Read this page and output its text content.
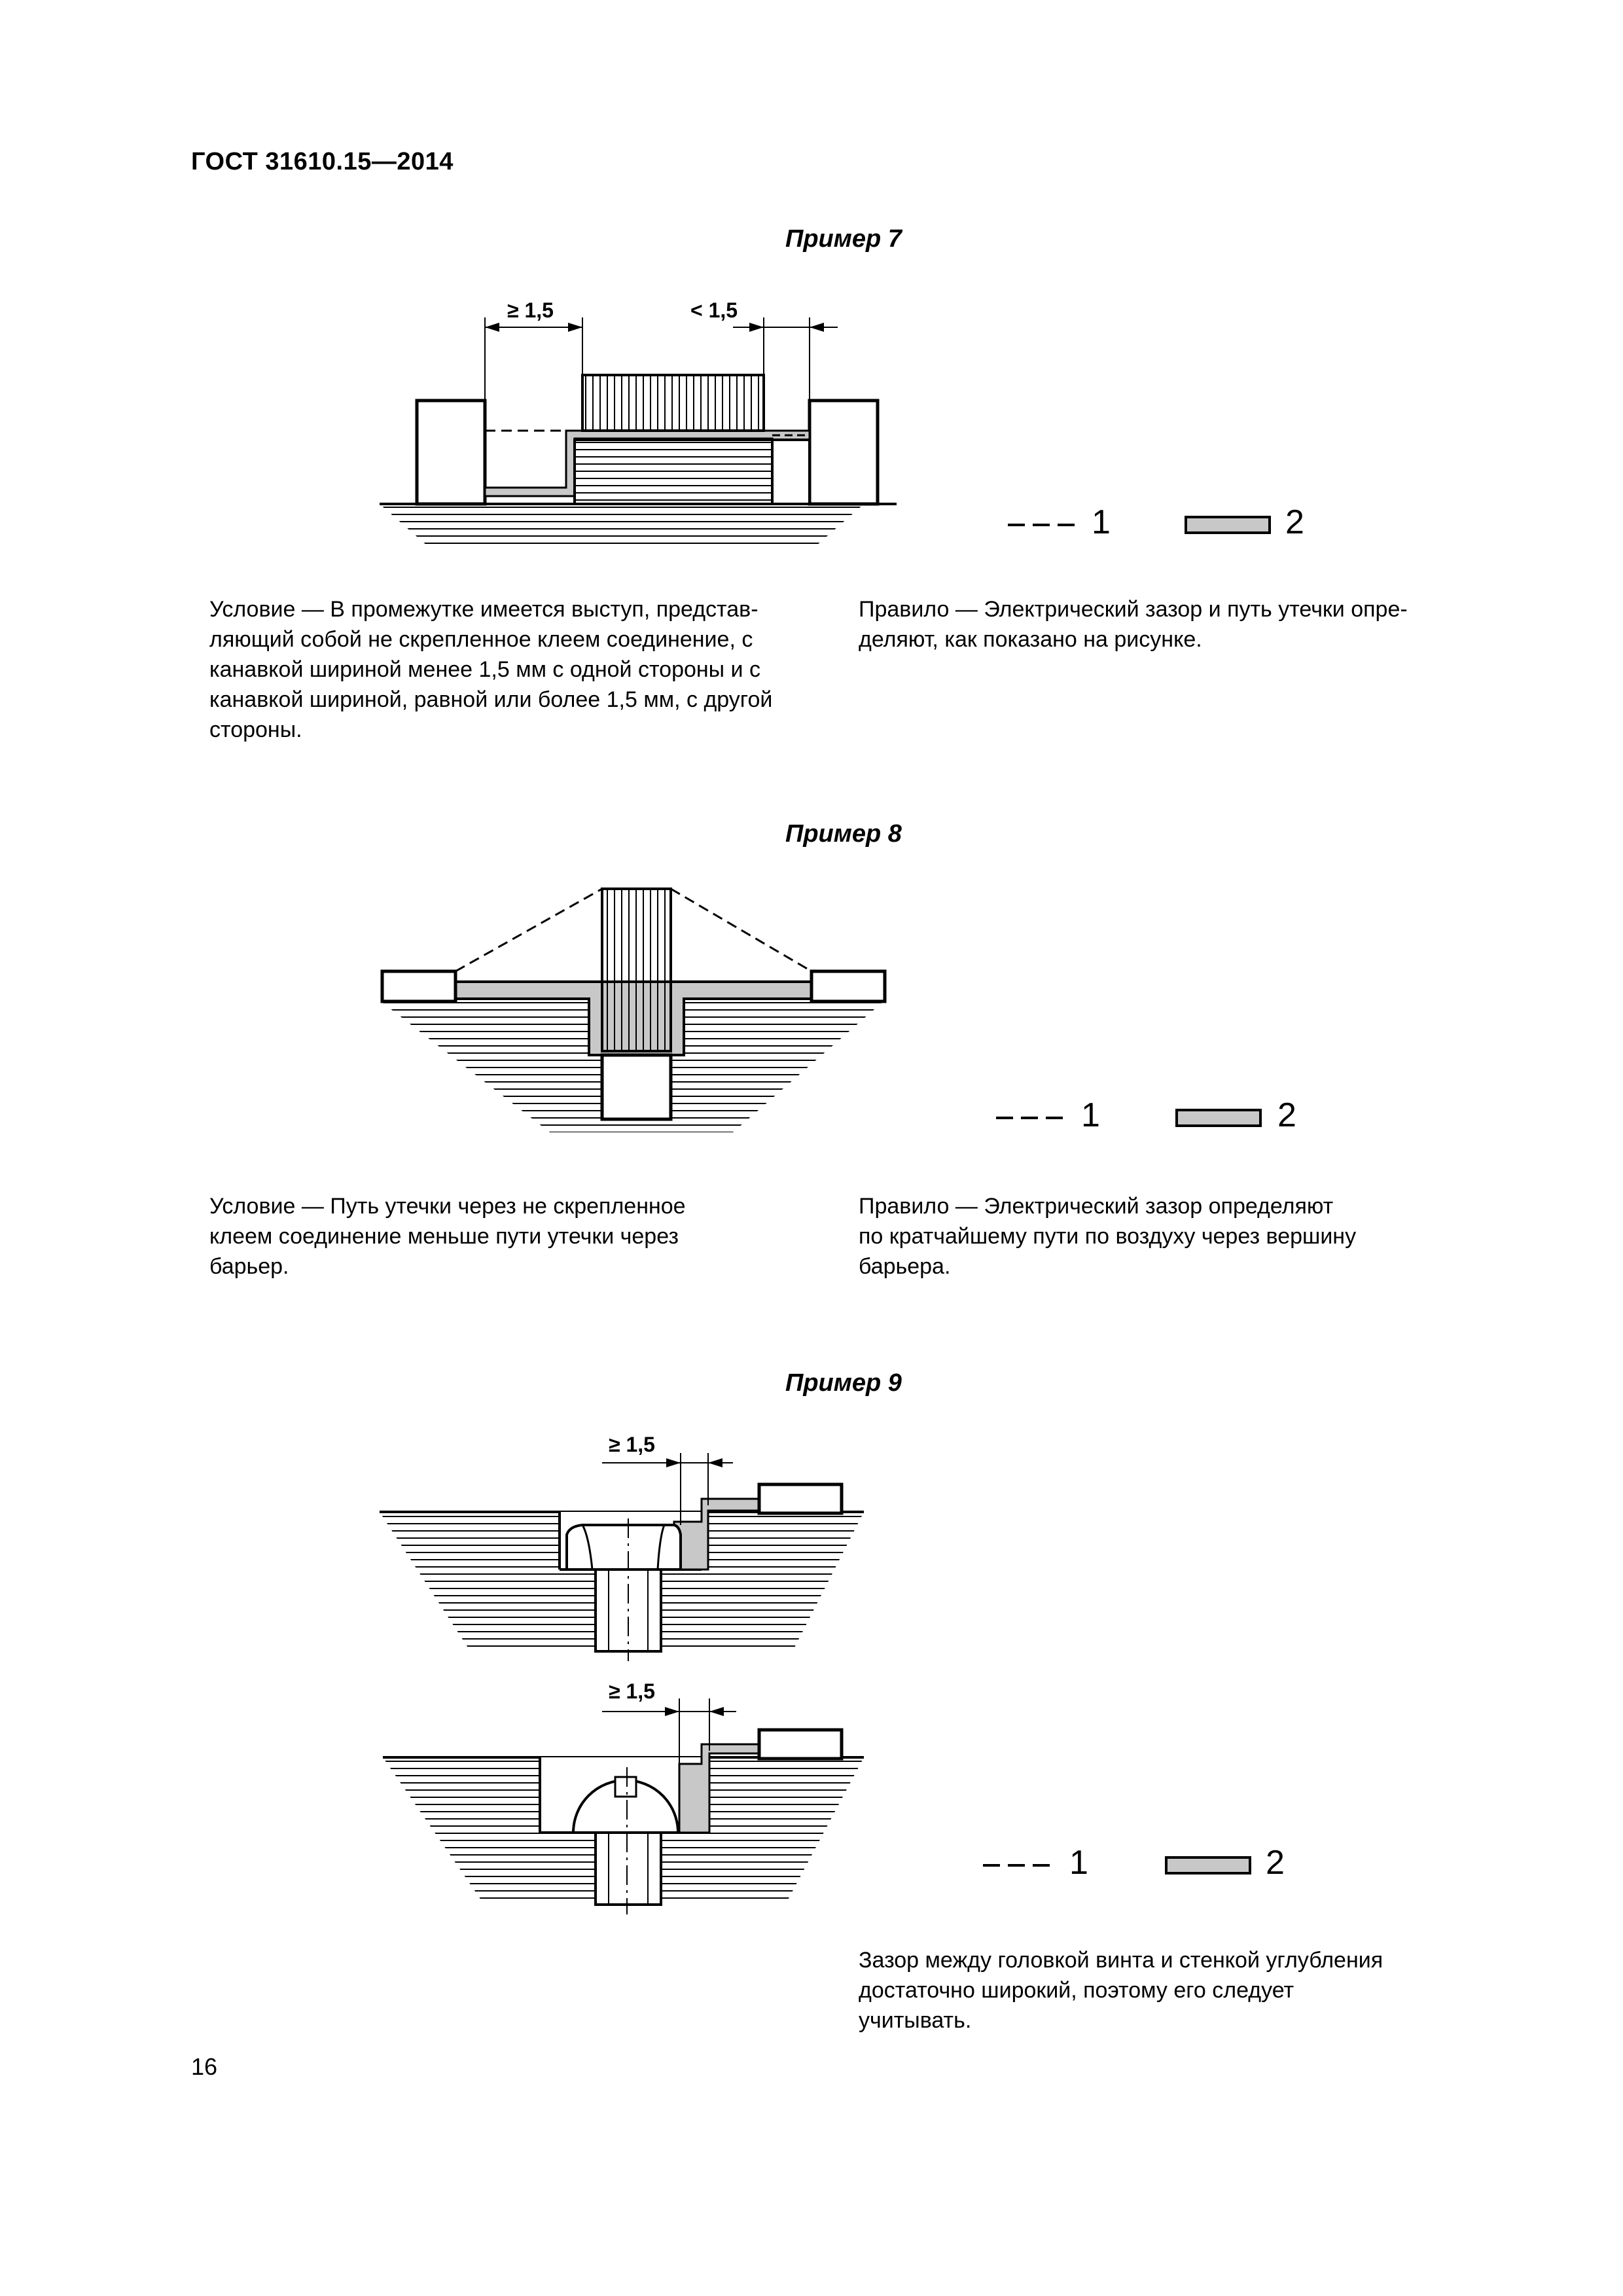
ГОСТ 31610.15—2014
Пример 7
≥ 1,5	< 1,5
1	2
Условие — В промежутке имеется выступ, представ-
ляющий собой не скрепленное клеем соединение, с
канавкой шириной менее 1,5 мм с одной стороны и с
канавкой шириной, равной или более 1,5 мм, с другой
стороны.
Правило — Электрический зазор и путь утечки опре-
деляют, как показано на рисунке.
Пример 8
1	2
Условие — Путь утечки через не скрепленное
клеем соединение меньше пути утечки через
барьер.
Правило — Электрический зазор определяют
по кратчайшему пути по воздуху через вершину
барьера.
Пример 9
≥ 1,5
≥ 1,5
1	2
Зазор между головкой винта и стенкой углубления
достаточно широкий, поэтому его следует
учитывать.
16
